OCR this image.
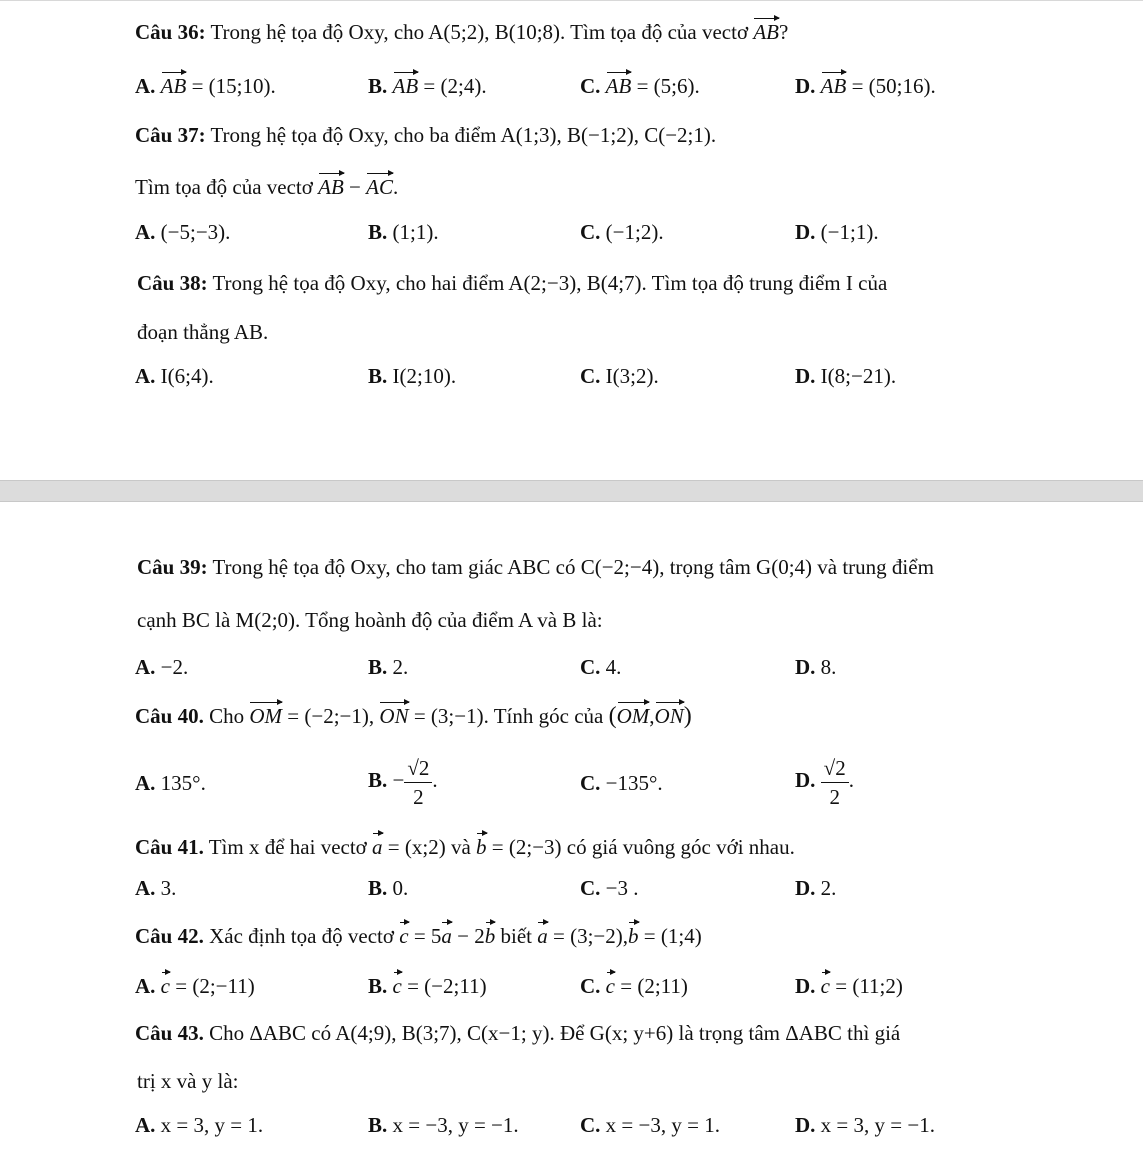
Câu 36: Trong hệ tọa độ Oxy, cho A(5;2), B(10;8). Tìm tọa độ của vectơ AB?
A. AB = (15;10).	B. AB = (2;4).	C. AB = (5;6).	D. AB = (50;16).
Câu 37: Trong hệ tọa độ Oxy, cho ba điểm A(1;3), B(−1;2), C(−2;1).
Tìm tọa độ của vectơ AB − AC.
A. (−5;−3).	B. (1;1).	C. (−1;2).	D. (−1;1).
Câu 38: Trong hệ tọa độ Oxy, cho hai điểm A(2;−3), B(4;7). Tìm tọa độ trung điểm I của
đoạn thẳng AB.
A. I(6;4).	B. I(2;10).	C. I(3;2).	D. I(8;−21).
Câu 39: Trong hệ tọa độ Oxy, cho tam giác ABC có C(−2;−4), trọng tâm G(0;4) và trung điểm
cạnh BC là M(2;0). Tổng hoành độ của điểm A và B là:
A. −2.	B. 2.	C. 4.	D. 8.
Câu 40. Cho OM = (−2;−1), ON = (3;−1). Tính góc của (OM,ON)
A. 135°.	B. − $\frac{√2}{2}$ .	C. −135°.	D. $\frac{√2}{2}$ .
Câu 41. Tìm x để hai vectơ a = (x;2) và b = (2;−3) có giá vuông góc với nhau.
A. 3.	B. 0.	C. −3 .	D. 2.
Câu 42. Xác định tọa độ vectơ c = 5a − 2b biết a = (3;−2),b = (1;4)
A. c = (2;−11)	B. c = (−2;11)	C. c = (2;11)	D. c = (11;2)
Câu 43. Cho ΔABC có A(4;9), B(3;7), C(x−1; y). Để G(x; y+6) là trọng tâm ΔABC thì giá
trị x và y là:
A. x = 3, y = 1.	B. x = −3, y = −1.	C. x = −3, y = 1.	D. x = 3, y = −1.
